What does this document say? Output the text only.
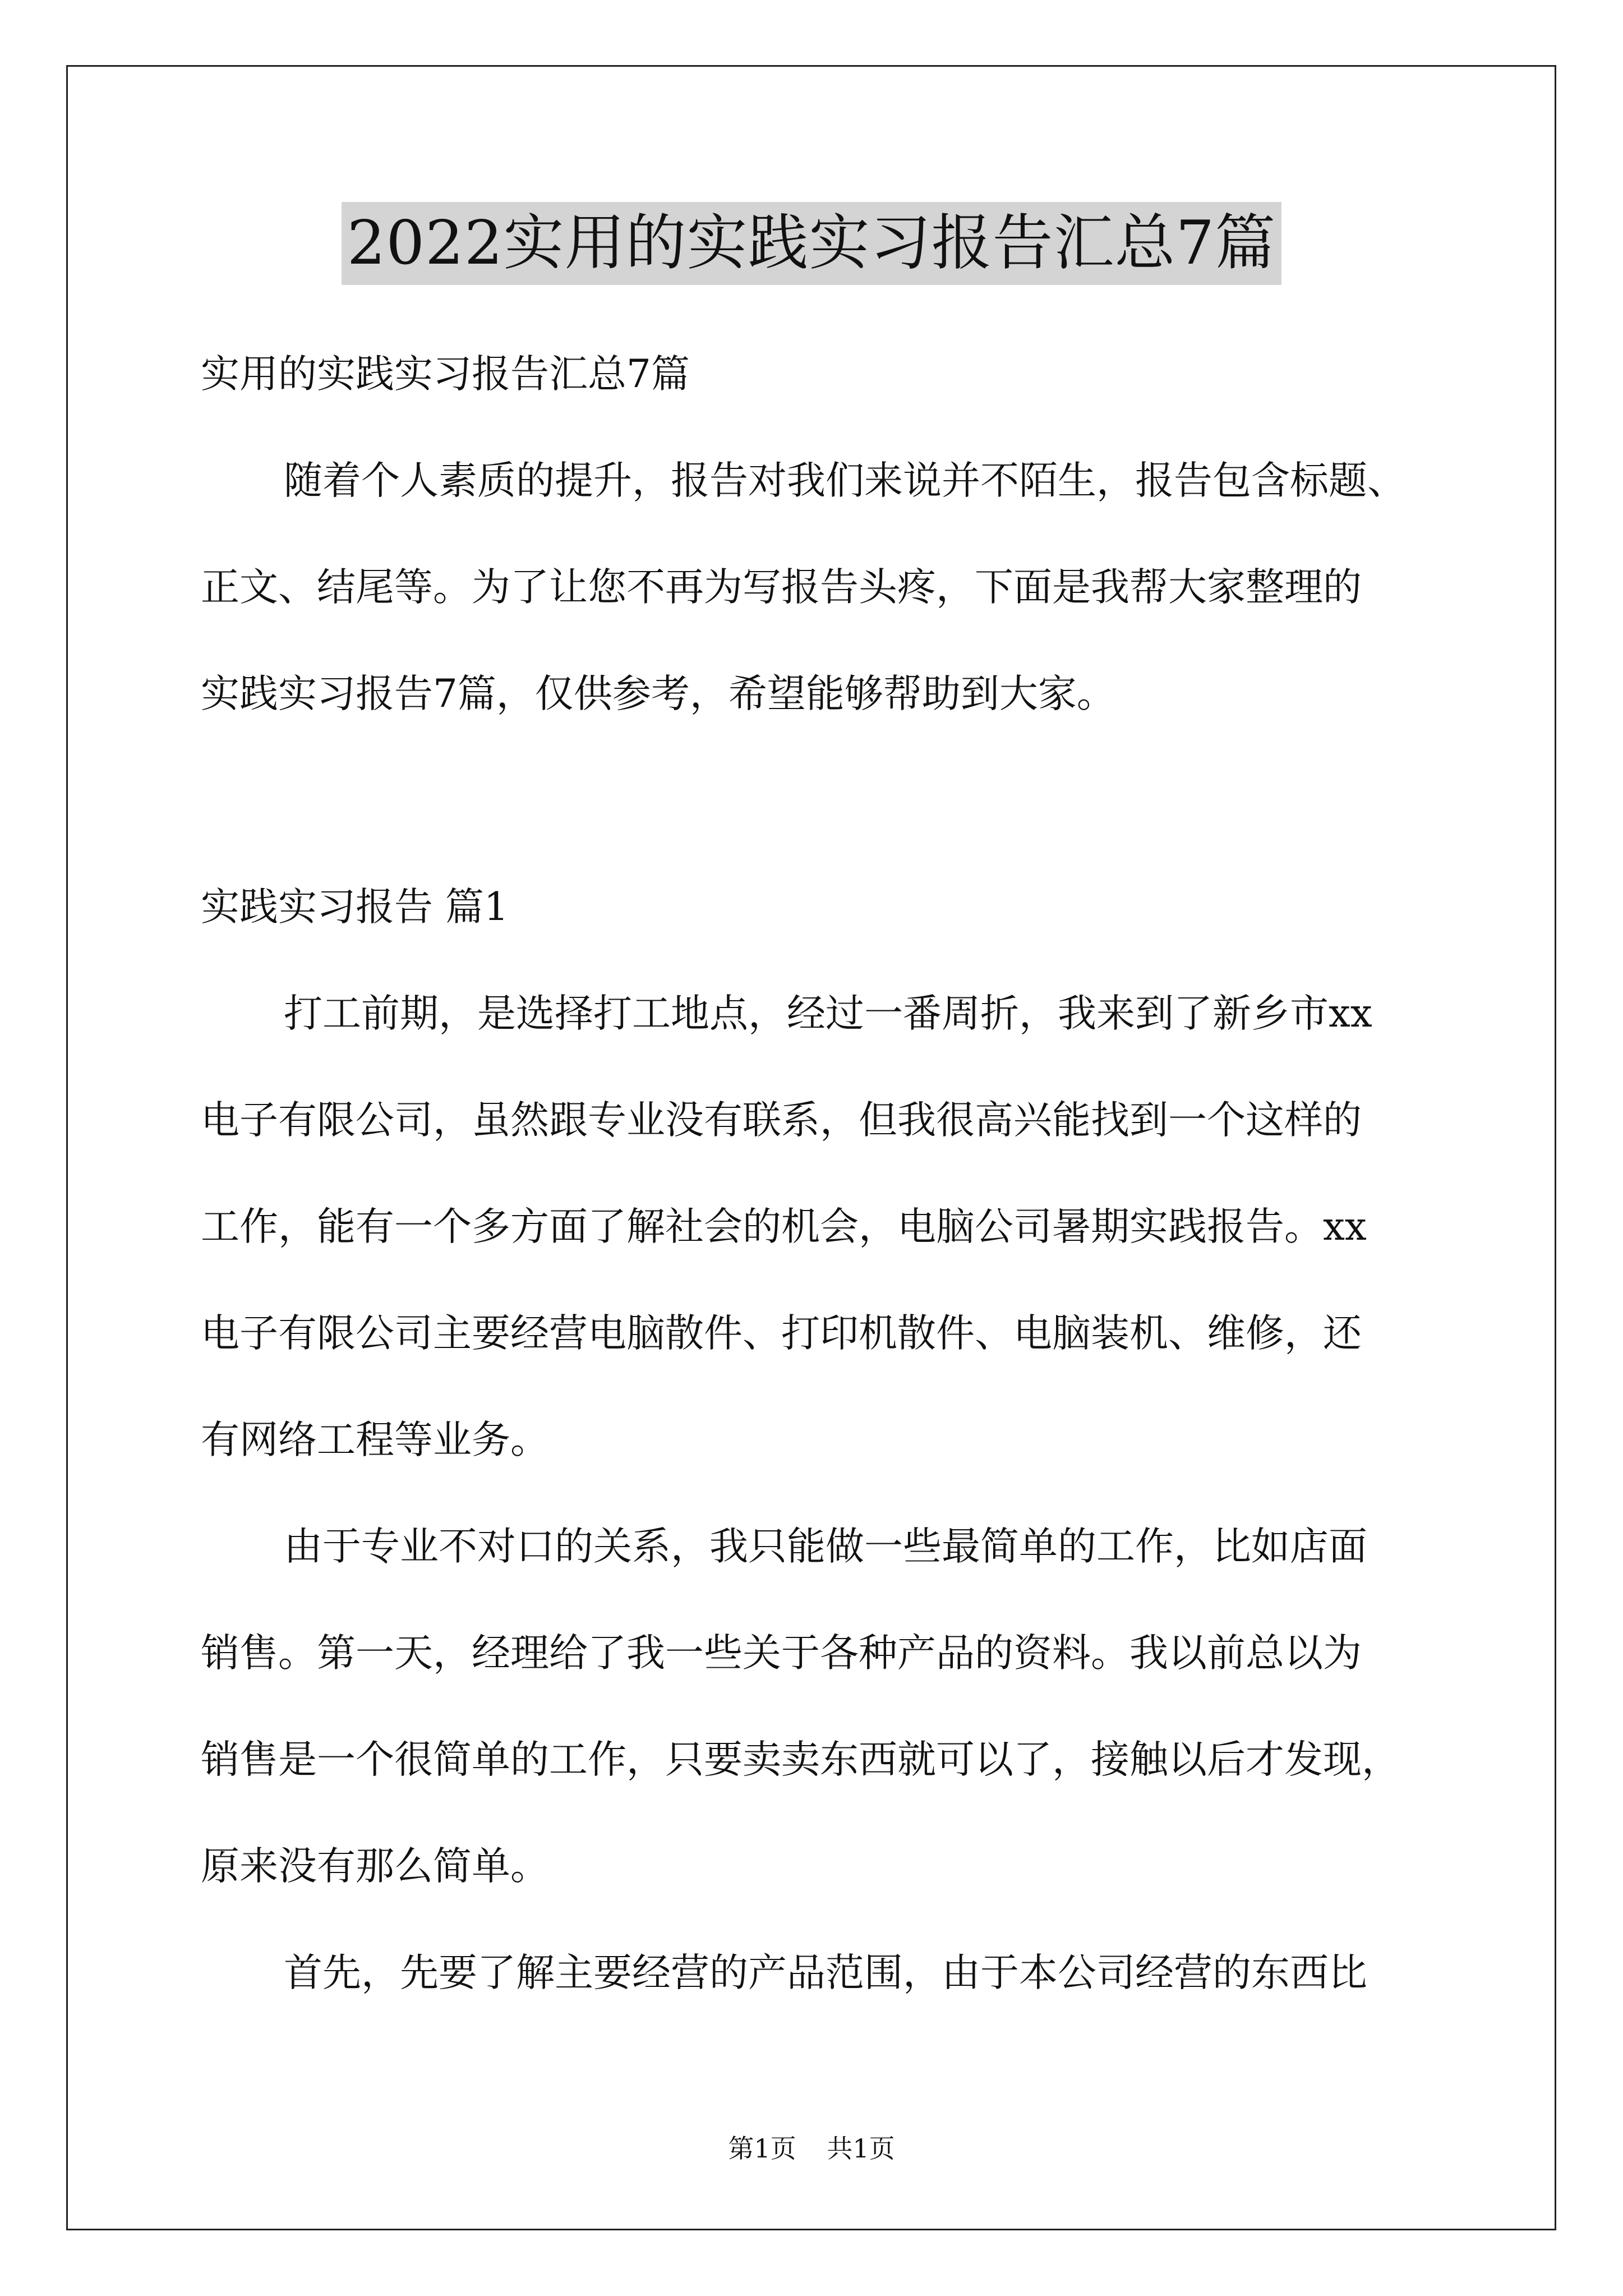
2022实用的实践实习报告汇总7篇
实用的实践实习报告汇总7篇
随着个人素质的提升，报告对我们来说并不陌生，报告包含标题、
正文、结尾等。为了让您不再为写报告头疼，下面是我帮大家整理的
实践实习报告7篇，仅供参考，希望能够帮助到大家。
实践实习报告 篇1
打工前期，是选择打工地点，经过一番周折，我来到了新乡市xx
电子有限公司，虽然跟专业没有联系，但我很高兴能找到一个这样的
工作，能有一个多方面了解社会的机会，电脑公司暑期实践报告。xx
电子有限公司主要经营电脑散件、打印机散件、电脑装机、维修，还
有网络工程等业务。
由于专业不对口的关系，我只能做一些最简单的工作，比如店面
销售。第一天，经理给了我一些关于各种产品的资料。我以前总以为
销售是一个很简单的工作，只要卖卖东西就可以了，接触以后才发现，
原来没有那么简单。
首先，先要了解主要经营的产品范围，由于本公司经营的东西比
第1页 共1页
